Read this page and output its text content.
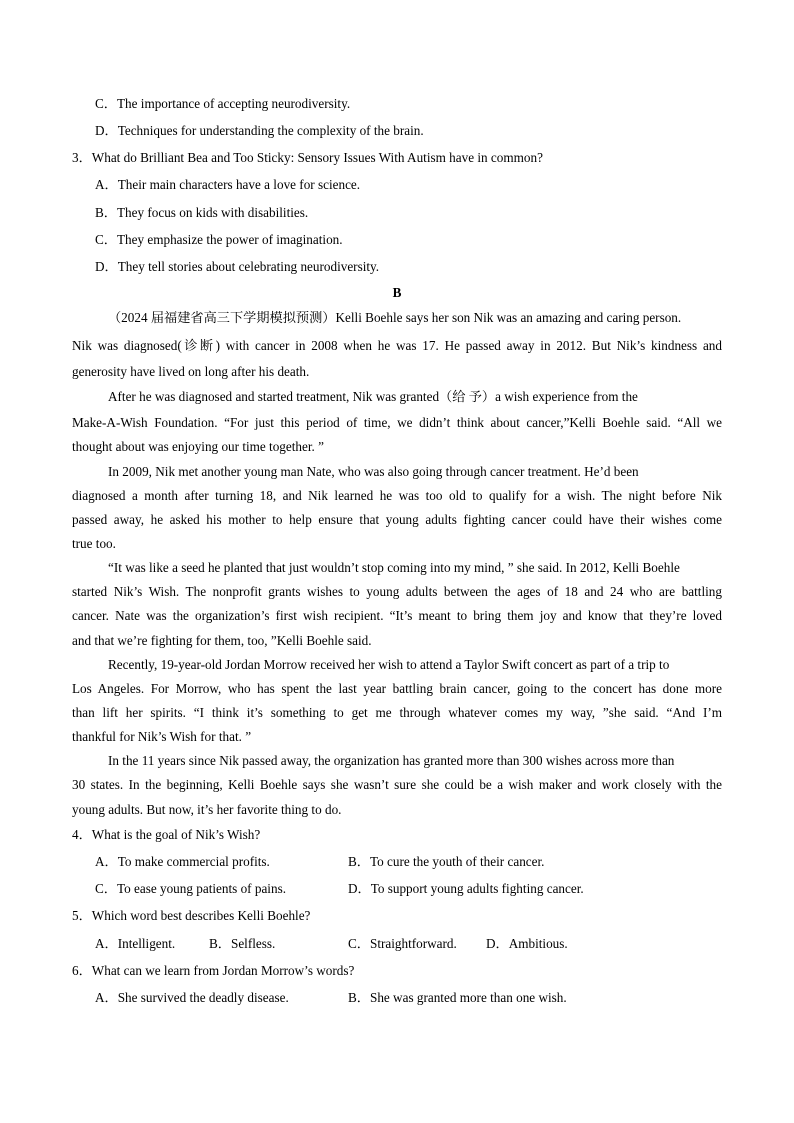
C．The importance of accepting neurodiversity.
D．Techniques for understanding the complexity of the brain.
3．What do Brilliant Bea and Too Sticky: Sensory Issues With Autism have in common?
A．Their main characters have a love for science.
B．They focus on kids with disabilities.
C．They emphasize the power of imagination.
D．They tell stories about celebrating neurodiversity.
B
（2024 届福建省高三下学期模拟预测）Kelli Boehle says her son Nik was an amazing and caring person.
Nik was diagnosed(诊断) with cancer in 2008 when he was 17. He passed away in 2012. But Nik’s kindness and
generosity have lived on long after his death.
After he was diagnosed and started treatment, Nik was granted（给 予）a wish experience from the
Make-A-Wish Foundation. “For just this period of time, we didn’t think about cancer,”Kelli Boehle said. “All we
thought about was enjoying our time together. ”
In 2009, Nik met another young man Nate, who was also going through cancer treatment. He’d been
diagnosed a month after turning 18, and Nik learned he was too old to qualify for a wish. The night before Nik
passed away, he asked his mother to help ensure that young adults fighting cancer could have their wishes come
true too.
“It was like a seed he planted that just wouldn’t stop coming into my mind, ” she said. In 2012, Kelli Boehle
started Nik’s Wish. The nonprofit grants wishes to young adults between the ages of 18 and 24 who are battling
cancer. Nate was the organization’s first wish recipient. “It’s meant to bring them joy and know that they’re loved
and that we’re fighting for them, too, ”Kelli Boehle said.
Recently, 19-year-old Jordan Morrow received her wish to attend a Taylor Swift concert as part of a trip to
Los Angeles. For Morrow, who has spent the last year battling brain cancer, going to the concert has done more
than lift her spirits. “I think it’s something to get me through whatever comes my way, ”she said. “And I’m
thankful for Nik’s Wish for that. ”
In the 11 years since Nik passed away, the organization has granted more than 300 wishes across more than
30 states. In the beginning, Kelli Boehle says she wasn’t sure she could be a wish maker and work closely with the
young adults. But now, it’s her favorite thing to do.
4．What is the goal of Nik’s Wish?
A．To make commercial profits.	B．To cure the youth of their cancer.
C．To ease young patients of pains.	D．To support young adults fighting cancer.
5．Which word best describes Kelli Boehle?
A．Intelligent.	B．Selfless.	C．Straightforward. D．Ambitious.
6．What can we learn from Jordan Morrow’s words?
A．She survived the deadly disease.	B．She was granted more than one wish.
